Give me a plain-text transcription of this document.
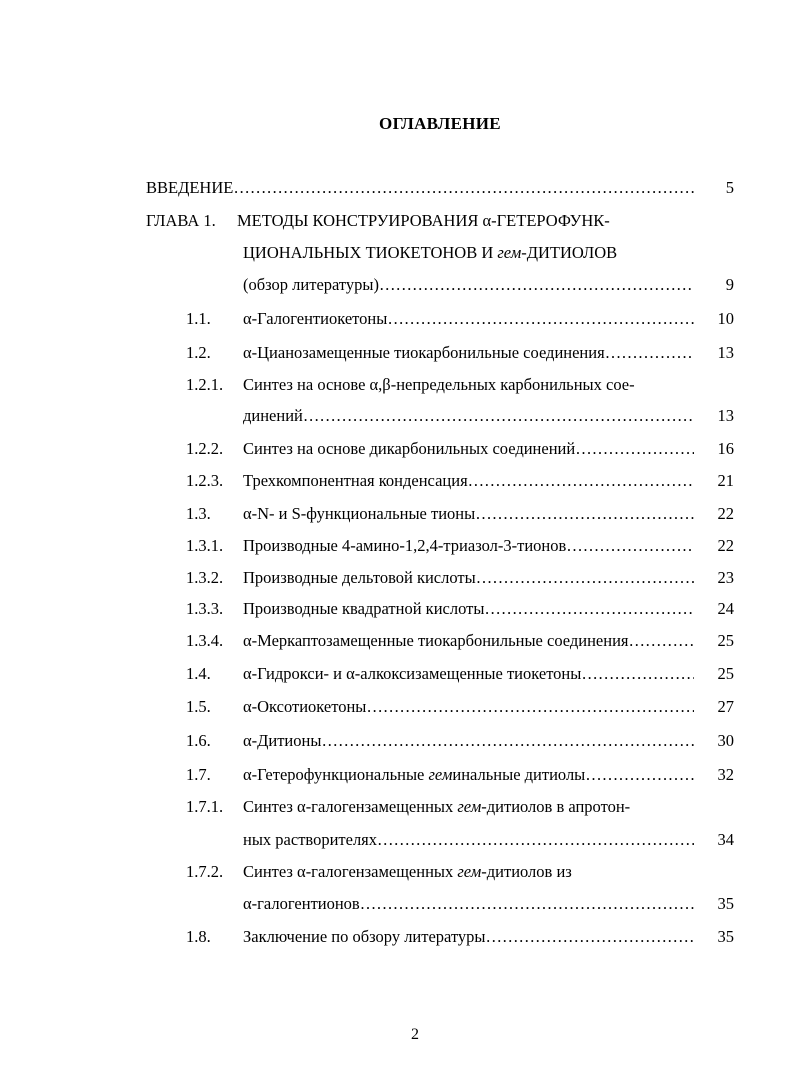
ОГЛАВЛЕНИЕ
ВВЕДЕНИЕ ……………………………………………………………………………………………………………………………………	5
ГЛАВА 1. МЕТОДЫ КОНСТРУИРОВАНИЯ α-ГЕТЕРОФУНК-
ЦИОНАЛЬНЫХ ТИОКЕТОНОВ И гем-ДИТИОЛОВ
(обзор литературы) ……………………………………………………………………………………………………………………………………	9
1.1.	α-Галогентиокетоны ……………………………………………………………………………………………………………………………………	10
1.2.	α-Цианозамещенные тиокарбонильные соединения ……………………………………………………………………………………………………………………………………	13
1.2.1.	Синтез на основе α,β-непредельных карбонильных сое-
динений ……………………………………………………………………………………………………………………………………	13
1.2.2.	Синтез на основе дикарбонильных соединений ……………………………………………………………………………………………………………………………………	16
1.2.3.	Трехкомпонентная конденсация ……………………………………………………………………………………………………………………………………	21
1.3.	α-N- и S-функциональные тионы ……………………………………………………………………………………………………………………………………	22
1.3.1.	Производные 4-амино-1,2,4-триазол-3-тионов ……………………………………………………………………………………………………………………………………	22
1.3.2.	Производные дельтовой кислоты ……………………………………………………………………………………………………………………………………	23
1.3.3.	Производные квадратной кислоты ……………………………………………………………………………………………………………………………………	24
1.3.4.	α-Меркаптозамещенные тиокарбонильные соединения ……………………………………………………………………………………………………………………………………	25
1.4.	α-Гидрокси- и α-алкоксизамещенные тиокетоны ……………………………………………………………………………………………………………………………………	25
1.5.	α-Оксотиокетоны ……………………………………………………………………………………………………………………………………	27
1.6.	α-Дитионы ……………………………………………………………………………………………………………………………………	30
1.7.	α-Гетерофункциональные геминальные дитиолы ……………………………………………………………………………………………………………………………………	32
1.7.1.	Синтез α-галогензамещенных гем-дитиолов в апротон-
ных растворителях ……………………………………………………………………………………………………………………………………	34
1.7.2.	Синтез α-галогензамещенных гем-дитиолов из
α-галогентионов ……………………………………………………………………………………………………………………………………	35
1.8.	Заключение по обзору литературы ……………………………………………………………………………………………………………………………………	35
2
